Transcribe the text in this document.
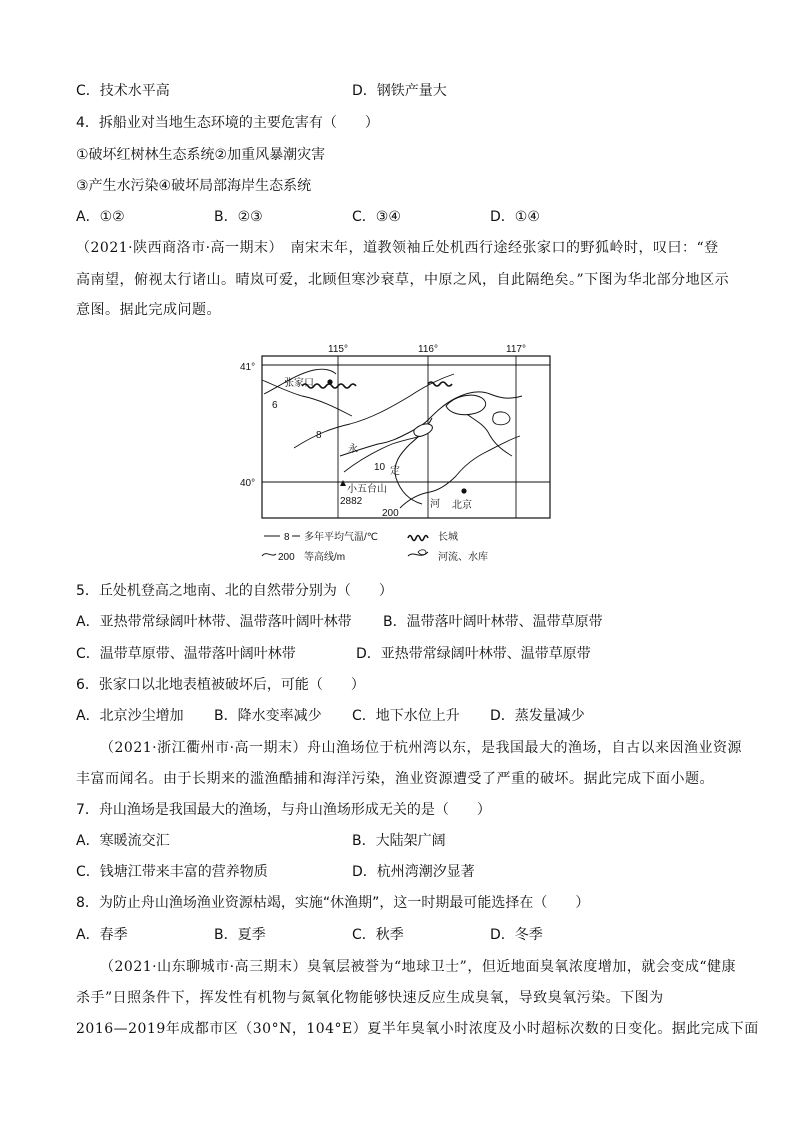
C．技术水平高	D．钢铁产量大
4．拆船业对当地生态环境的主要危害有（　　）
①破坏红树林生态系统②加重风暴潮灾害
③产生水污染④破坏局部海岸生态系统
A．①②	B．②③	C．③④	D．①④
（2021·陕西商洛市·高一期末）　南宋末年，道教领袖丘处机西行途经张家口的野狐岭时，叹曰：“登
高南望，俯视太行诸山。晴岚可爱，北顾但寒沙衰草，中原之风，自此隔绝矣。”下图为华北部分地区示
意图。据此完成问题。
115°	116°	117°
41°
40°
张家口
6
8
10
永
定
河
小五台山
2882
200
北京
8 多年平均气温/℃	长城
200 等高线/m	河流、水库
5．丘处机登高之地南、北的自然带分别为（　　）
A．亚热带常绿阔叶林带、温带落叶阔叶林带 B．温带落叶阔叶林带、温带草原带
C．温带草原带、温带落叶阔叶林带	D．亚热带常绿阔叶林带、温带草原带
6．张家口以北地表植被破坏后，可能（　　）
A．北京沙尘增加 B．降水变率减少 C．地下水位上升 D．蒸发量减少
（2021·浙江衢州市·高一期末）舟山渔场位于杭州湾以东，是我国最大的渔场，自古以来因渔业资源
丰富而闻名。由于长期来的滥渔酷捕和海洋污染，渔业资源遭受了严重的破坏。据此完成下面小题。
7．舟山渔场是我国最大的渔场，与舟山渔场形成无关的是（　　）
A．寒暖流交汇	B．大陆架广阔
C．钱塘江带来丰富的营养物质	D．杭州湾潮汐显著
8．为防止舟山渔场渔业资源枯竭，实施“休渔期”，这一时期最可能选择在（　　）
A．春季	B．夏季	C．秋季	D．冬季
（2021·山东聊城市·高三期末）臭氧层被誉为“地球卫士”，但近地面臭氧浓度增加，就会变成“健康
杀手”日照条件下，挥发性有机物与氮氧化物能够快速反应生成臭氧，导致臭氧污染。下图为
2016—2019年成都市区（30°N，104°E）夏半年臭氧小时浓度及小时超标次数的日变化。据此完成下面
